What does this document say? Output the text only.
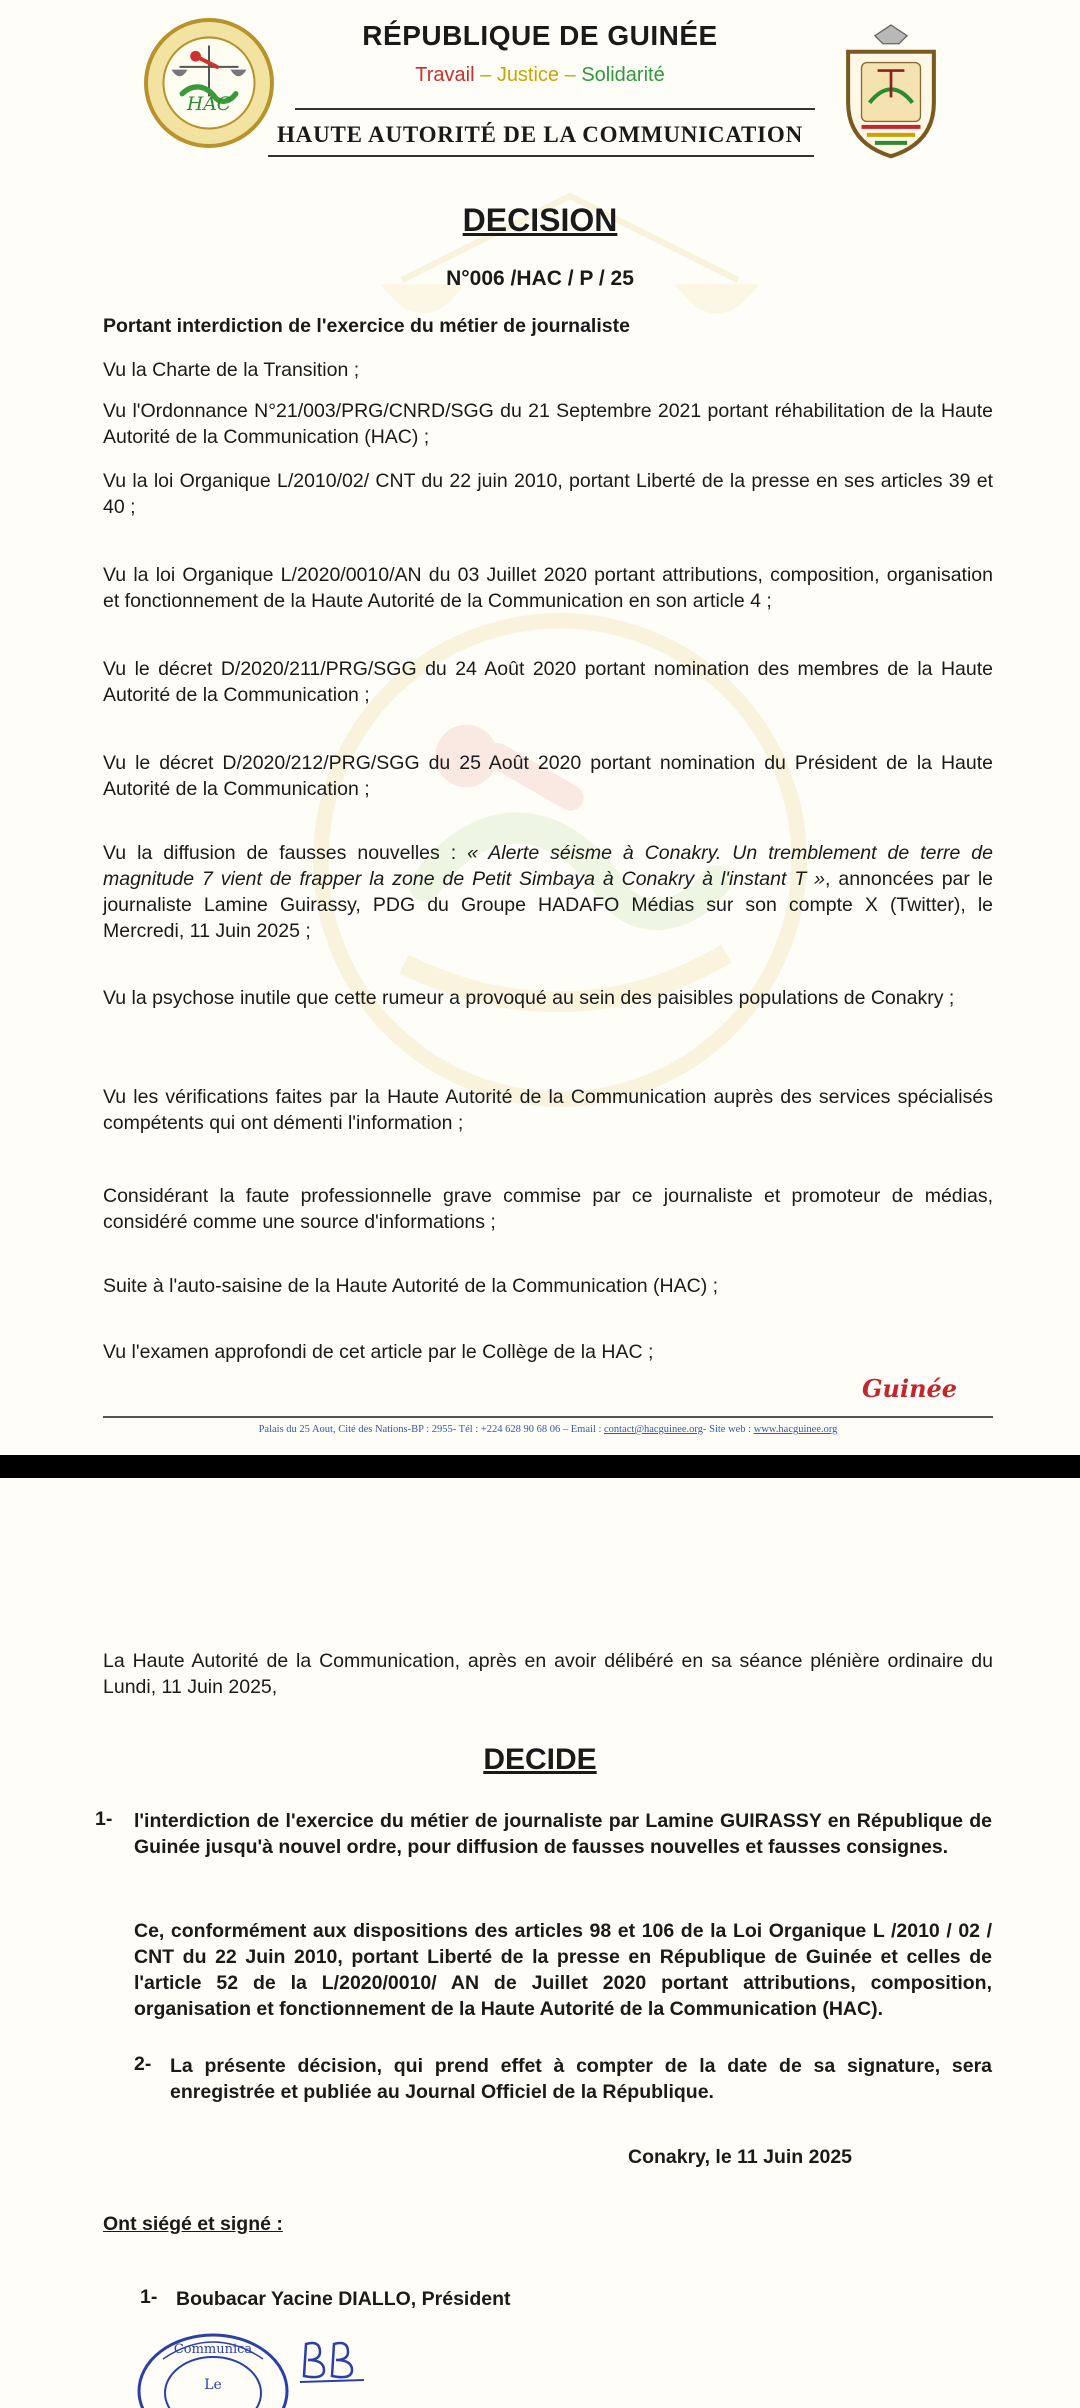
HAC
RÉPUBLIQUE DE GUINÉE
Travail – Justice – Solidarité
HAUTE AUTORITÉ DE LA COMMUNICATION
DECISION
N°006 /HAC / P / 25
Portant interdiction de l'exercice du métier de journaliste
Vu la Charte de la Transition ;
Vu l'Ordonnance N°21/003/PRG/CNRD/SGG du 21 Septembre 2021 portant réhabilitation de la Haute Autorité de la Communication (HAC) ;
Vu la loi Organique L/2010/02/ CNT du 22 juin 2010, portant Liberté de la presse en ses articles 39 et 40 ;
Vu la loi Organique L/2020/0010/AN du 03 Juillet 2020 portant attributions, composition, organisation et fonctionnement de la Haute Autorité de la Communication en son article 4 ;
Vu le décret D/2020/211/PRG/SGG du 24 Août 2020 portant nomination des membres de la Haute Autorité de la Communication ;
Vu le décret D/2020/212/PRG/SGG du 25 Août 2020 portant nomination du Président de la Haute Autorité de la Communication ;
Vu la diffusion de fausses nouvelles : « Alerte séisme à Conakry. Un tremblement de terre de magnitude 7 vient de frapper la zone de Petit Simbaya à Conakry à l'instant T », annoncées par le journaliste Lamine Guirassy, PDG du Groupe HADAFO Médias sur son compte X (Twitter), le Mercredi, 11 Juin 2025 ;
Vu la psychose inutile que cette rumeur a provoqué au sein des paisibles populations de Conakry ;
Vu les vérifications faites par la Haute Autorité de la Communication auprès des services spécialisés compétents qui ont démenti l'information ;
Considérant la faute professionnelle grave commise par ce journaliste et promoteur de médias, considéré comme une source d'informations ;
Suite à l'auto-saisine de la Haute Autorité de la Communication (HAC) ;
Vu l'examen approfondi de cet article par le Collège de la HAC ;
Guinée
Palais du 25 Aout, Cité des Nations-BP : 2955- Tél : +224 628 90 68 06 – Email : contact@hacguinee.org- Site web : www.hacguinee.org
La Haute Autorité de la Communication, après en avoir délibéré en sa séance plénière ordinaire du Lundi, 11 Juin 2025,
DECIDE
1- l'interdiction de l'exercice du métier de journaliste par Lamine GUIRASSY en République de Guinée jusqu'à nouvel ordre, pour diffusion de fausses nouvelles et fausses consignes.
Ce, conformément aux dispositions des articles 98 et 106 de la Loi Organique L /2010 / 02 / CNT du 22 Juin 2010, portant Liberté de la presse en République de Guinée et celles de l'article 52 de la L/2020/0010/ AN de Juillet 2020 portant attributions, composition, organisation et fonctionnement de la Haute Autorité de la Communication (HAC).
2- La présente décision, qui prend effet à compter de la date de sa signature, sera enregistrée et publiée au Journal Officiel de la République.
Conakry, le 11 Juin 2025
Ont siégé et signé :
1- Boubacar Yacine DIALLO, Président
Communica
Le
